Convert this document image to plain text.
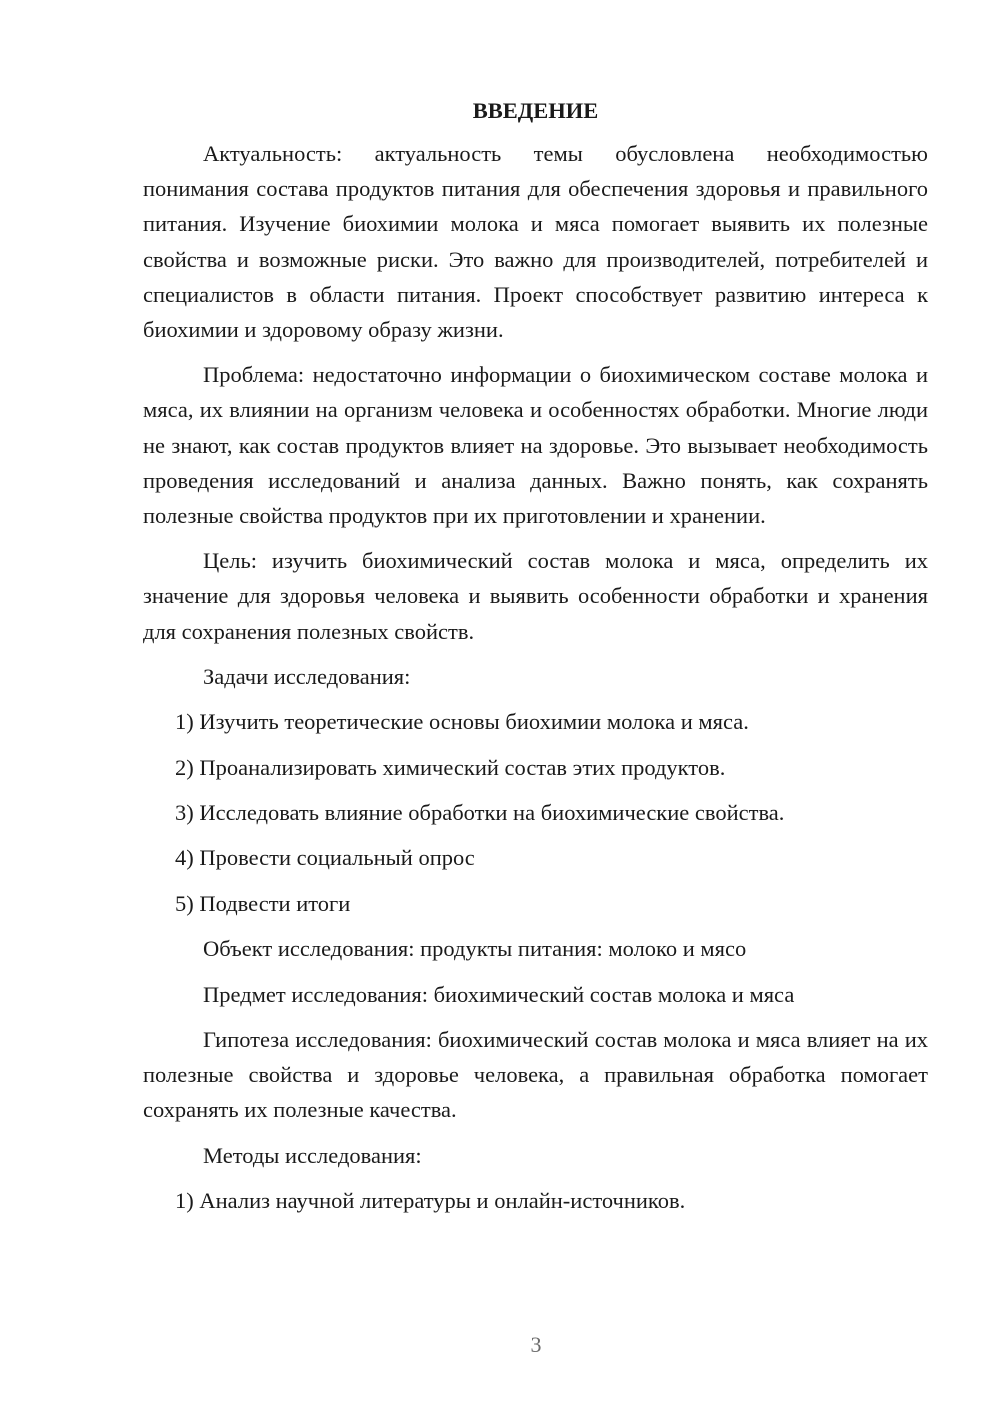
ВВЕДЕНИЕ

Актуальность: актуальность темы обусловлена необходимостью понимания состава продуктов питания для обеспечения здоровья и правильного питания. Изучение биохимии молока и мяса помогает выявить их полезные свойства и возможные риски. Это важно для производителей, потребителей и специалистов в области питания. Проект способствует развитию интереса к биохимии и здоровому образу жизни.

Проблема: недостаточно информации о биохимическом составе молока и мяса, их влиянии на организм человека и особенностях обработки. Многие люди не знают, как состав продуктов влияет на здоровье. Это вызывает необходимость проведения исследований и анализа данных. Важно понять, как сохранять полезные свойства продуктов при их приготовлении и хранении.

Цель: изучить биохимический состав молока и мяса, определить их значение для здоровья человека и выявить особенности обработки и хранения для сохранения полезных свойств.

Задачи исследования:
1) Изучить теоретические основы биохимии молока и мяса.
2) Проанализировать химический состав этих продуктов.
3) Исследовать влияние обработки на биохимические свойства.
4) Провести социальный опрос
5) Подвести итоги
Объект исследования: продукты питания: молоко и мясо
Предмет исследования: биохимический состав молока и мяса

Гипотеза исследования: биохимический состав молока и мяса влияет на их полезные свойства и здоровье человека, а правильная обработка помогает сохранять их полезные качества.

Методы исследования:
1) Анализ научной литературы и онлайн-источников.
3
